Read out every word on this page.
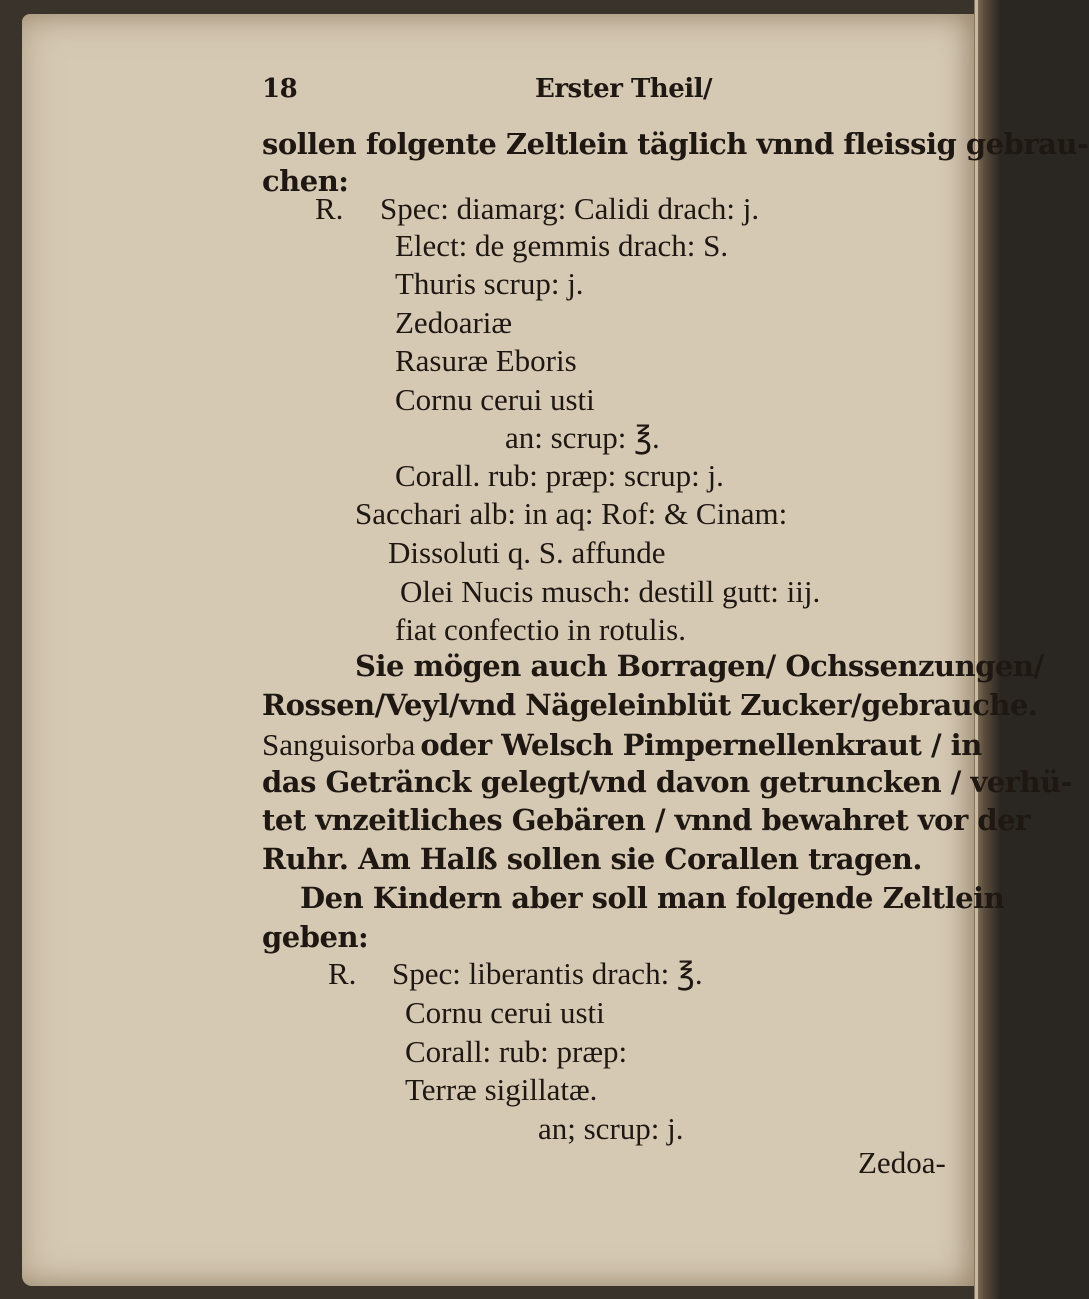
18	Erster Theil/

sollen folgente Zeltlein täglich vnnd fleissig gebrau-

chen:

R. Spec: diamarg: Calidi drach: j.

Elect: de gemmis drach: S.

Thuris scrup: j.

Zedoariæ

Rasuræ Eboris

Cornu cerui usti

an: scrup: ℥.

Corall. rub: præp: scrup: j.

Sacchari alb: in aq: Rof: & Cinam:

Dissoluti q. S. affunde

Olei Nucis musch: destill gutt: iij.

fiat confectio in rotulis.

Sie mögen auch Borragen/ Ochssenzungen/

Rossen/Veyl/vnd Nägeleinblüt Zucker/gebrauche.

Sanguisorba oder Welsch Pimpernellenkraut / in

das Getränck gelegt/vnd davon getruncken / verhü-

tet vnzeitliches Gebären / vnnd bewahret vor der

Ruhr. Am Halß sollen sie Corallen tragen.

Den Kindern aber soll man folgende Zeltlein

geben:

R. Spec: liberantis drach: ℥.

Cornu cerui usti

Corall: rub: præp:

Terræ sigillatæ.

an; scrup: j.

Zedoa-
